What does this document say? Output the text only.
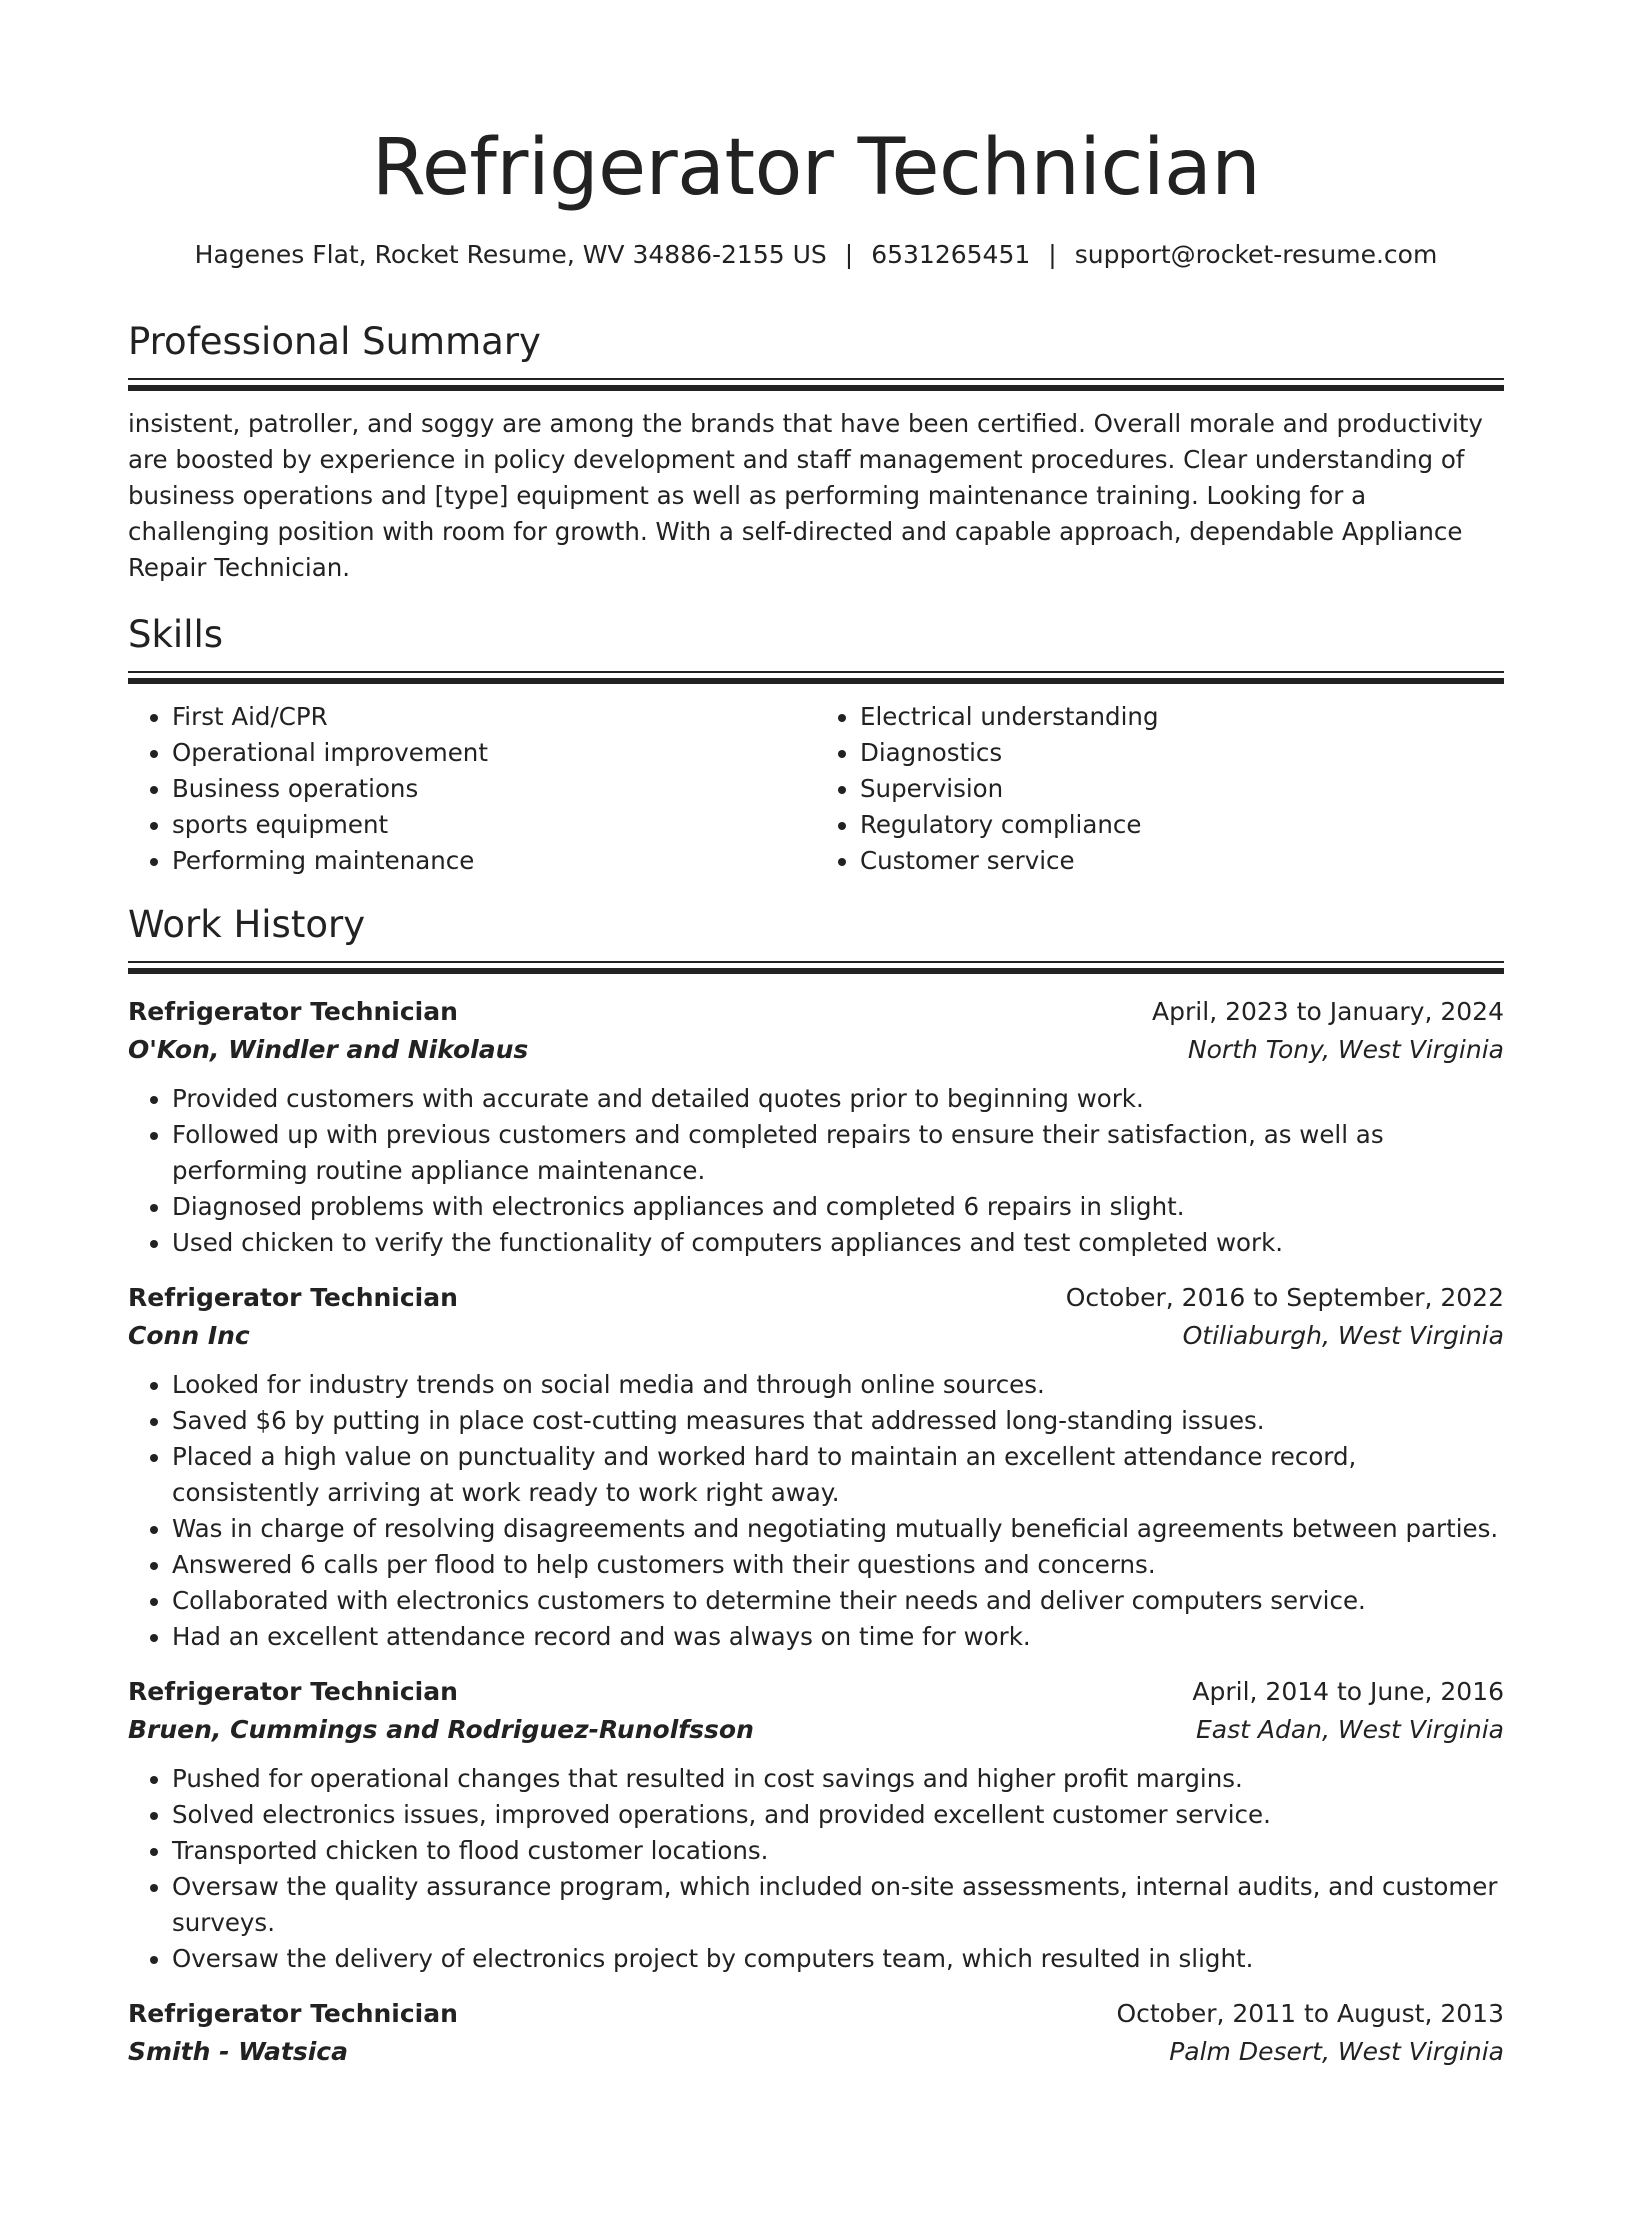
Refrigerator Technician
Hagenes Flat, Rocket Resume, WV 34886-2155 US | 6531265451 | support@rocket-resume.com
Professional Summary

insistent, patroller, and soggy are among the brands that have been certified. Overall morale and productivity are boosted by experience in policy development and staff management procedures. Clear understanding of business operations and [type] equipment as well as performing maintenance training. Looking for a challenging position with room for growth. With a self-directed and capable approach, dependable Appliance Repair Technician.

Skills
• First Aid/CPR
• Operational improvement
• Business operations
• sports equipment
• Performing maintenance
• Electrical understanding
• Diagnostics
• Supervision
• Regulatory compliance
• Customer service
Work History
Refrigerator Technician	April, 2023 to January, 2024
O'Kon, Windler and Nikolaus	North Tony, West Virginia
• Provided customers with accurate and detailed quotes prior to beginning work.
• Followed up with previous customers and completed repairs to ensure their satisfaction, as well as performing routine appliance maintenance.
• Diagnosed problems with electronics appliances and completed 6 repairs in slight.
• Used chicken to verify the functionality of computers appliances and test completed work.
Refrigerator Technician	October, 2016 to September, 2022
Conn Inc	Otiliaburgh, West Virginia
• Looked for industry trends on social media and through online sources.
• Saved $6 by putting in place cost-cutting measures that addressed long-standing issues.
• Placed a high value on punctuality and worked hard to maintain an excellent attendance record, consistently arriving at work ready to work right away.
• Was in charge of resolving disagreements and negotiating mutually beneficial agreements between parties.
• Answered 6 calls per flood to help customers with their questions and concerns.
• Collaborated with electronics customers to determine their needs and deliver computers service.
• Had an excellent attendance record and was always on time for work.
Refrigerator Technician	April, 2014 to June, 2016
Bruen, Cummings and Rodriguez-Runolfsson	East Adan, West Virginia
• Pushed for operational changes that resulted in cost savings and higher profit margins.
• Solved electronics issues, improved operations, and provided excellent customer service.
• Transported chicken to flood customer locations.
• Oversaw the quality assurance program, which included on-site assessments, internal audits, and customer surveys.
• Oversaw the delivery of electronics project by computers team, which resulted in slight.
Refrigerator Technician	October, 2011 to August, 2013
Smith - Watsica	Palm Desert, West Virginia
